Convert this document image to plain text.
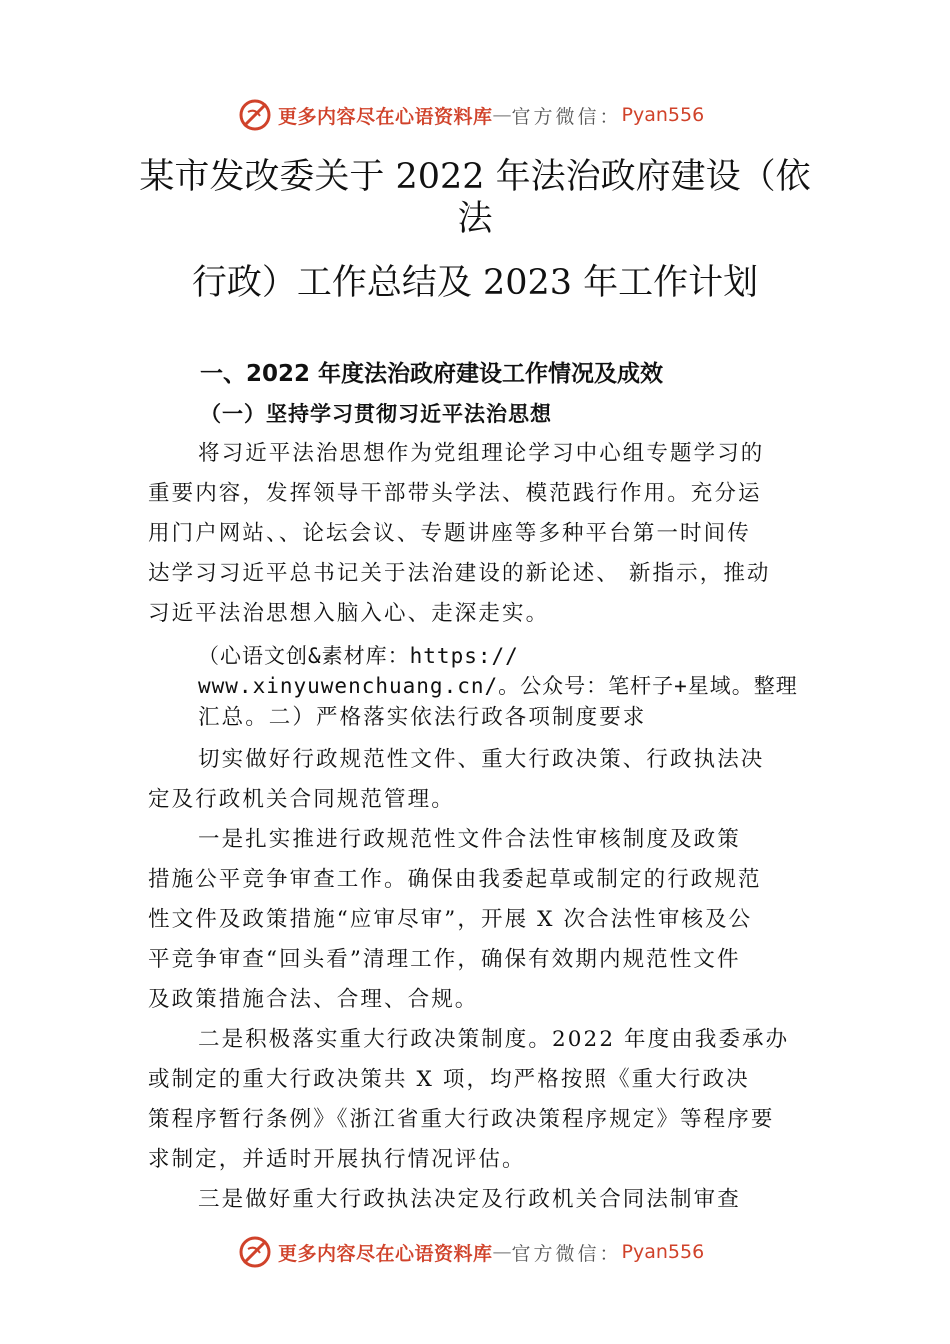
更多内容尽在心语资料库 — 官方微信： Pyan556
某市发改委关于 2022 年法治政府建设（依
法
行政）工作总结及 2023 年工作计划
一、2022 年度法治政府建设工作情况及成效
（一）坚持学习贯彻习近平法治思想
将习近平法治思想作为党组理论学习中心组专题学习的
重要内容，发挥领导干部带头学法、模范践行作用。充分运
用门户网站、、论坛会议、专题讲座等多种平台第一时间传
达学习习近平总书记关于法治建设的新论述、 新指示，推动
习近平法治思想入脑入心、走深走实。
（心语文创&素材库：https://
www.xinyuwenchuang.cn/。公众号：笔杆子+星域。整理
汇总。二）严格落实依法行政各项制度要求
切实做好行政规范性文件、重大行政决策、行政执法决
定及行政机关合同规范管理。
一是扎实推进行政规范性文件合法性审核制度及政策
措施公平竞争审查工作。确保由我委起草或制定的行政规范
性文件及政策措施“应审尽审”，开展 X 次合法性审核及公
平竞争审查“回头看”清理工作，确保有效期内规范性文件
及政策措施合法、合理、合规。
二是积极落实重大行政决策制度。2022 年度由我委承办
或制定的重大行政决策共 X 项，均严格按照《重大行政决
策程序暂行条例》《浙江省重大行政决策程序规定》等程序要
求制定，并适时开展执行情况评估。
三是做好重大行政执法决定及行政机关合同法制审查
更多内容尽在心语资料库 — 官方微信： Pyan556
